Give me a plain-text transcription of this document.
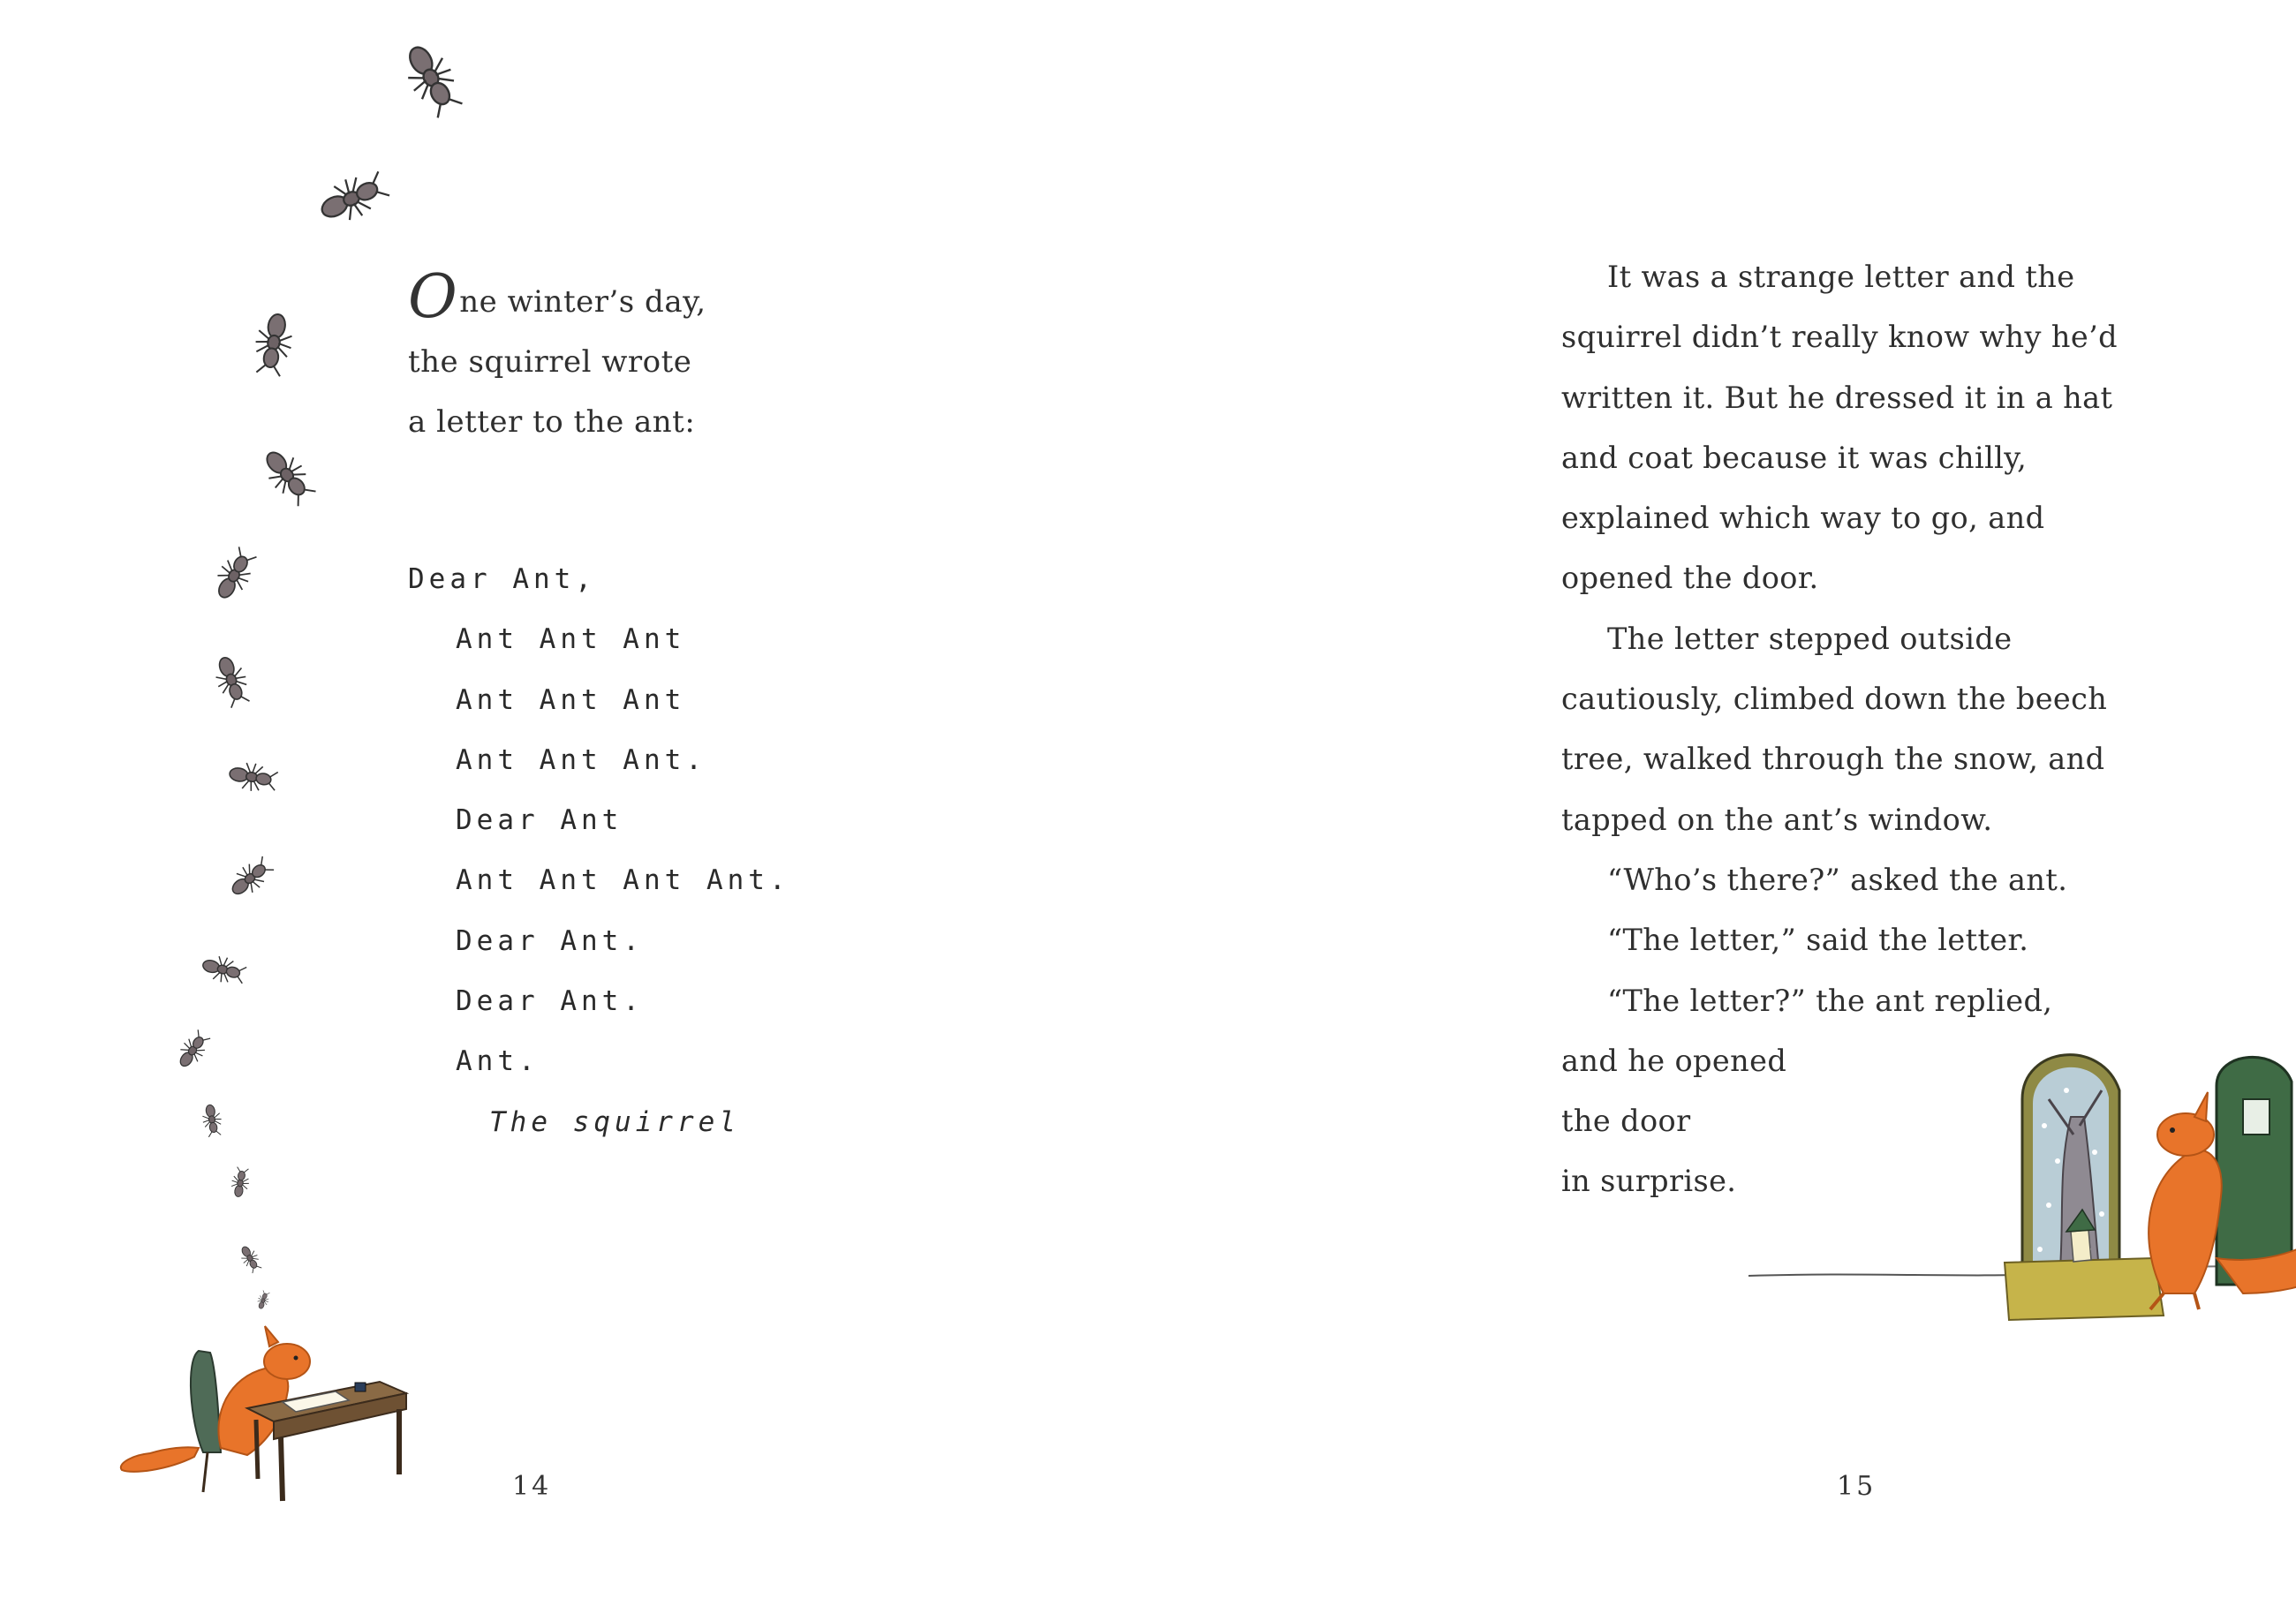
One winter’s day,

the squirrel wrote

a letter to the ant:

Dear Ant,
Ant Ant Ant
Ant Ant Ant
Ant Ant Ant.
Dear Ant
Ant Ant Ant Ant.
Dear Ant.
Dear Ant.
Ant.
The squirrel
14

It was a strange letter and the

squirrel didn’t really know why he’d

written it. But he dressed it in a hat

and coat because it was chilly,

explained which way to go, and

opened the door.

The letter stepped outside

cautiously, climbed down the beech

tree, walked through the snow, and

tapped on the ant’s window.

“Who’s there?” asked the ant.

“The letter,” said the letter.

“The letter?” the ant replied,

and he opened

the door

in surprise.

15
